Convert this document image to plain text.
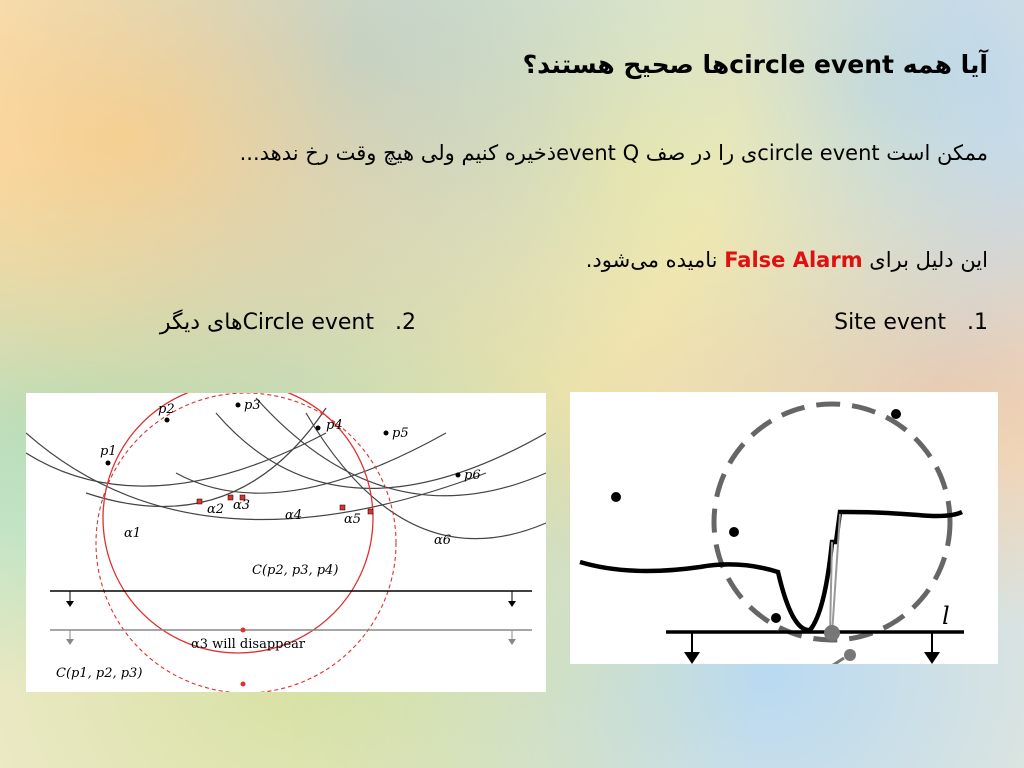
آیا همه circle eventها صحیح هستند؟
ممکن است circle eventی را در صف event Qذخیره کنیم ولی هیچ وقت رخ ندهد...
این دلیل برای False Alarm نامیده می‌شود.
1. Site event
2. Circle eventهای دیگر
p1
p2	p3
p4
p5
p6
α1
α2 α3
α4	α5
α6
C(p2, p3, p4)
α3 will disappear
C(p1, p2, p3)
l
